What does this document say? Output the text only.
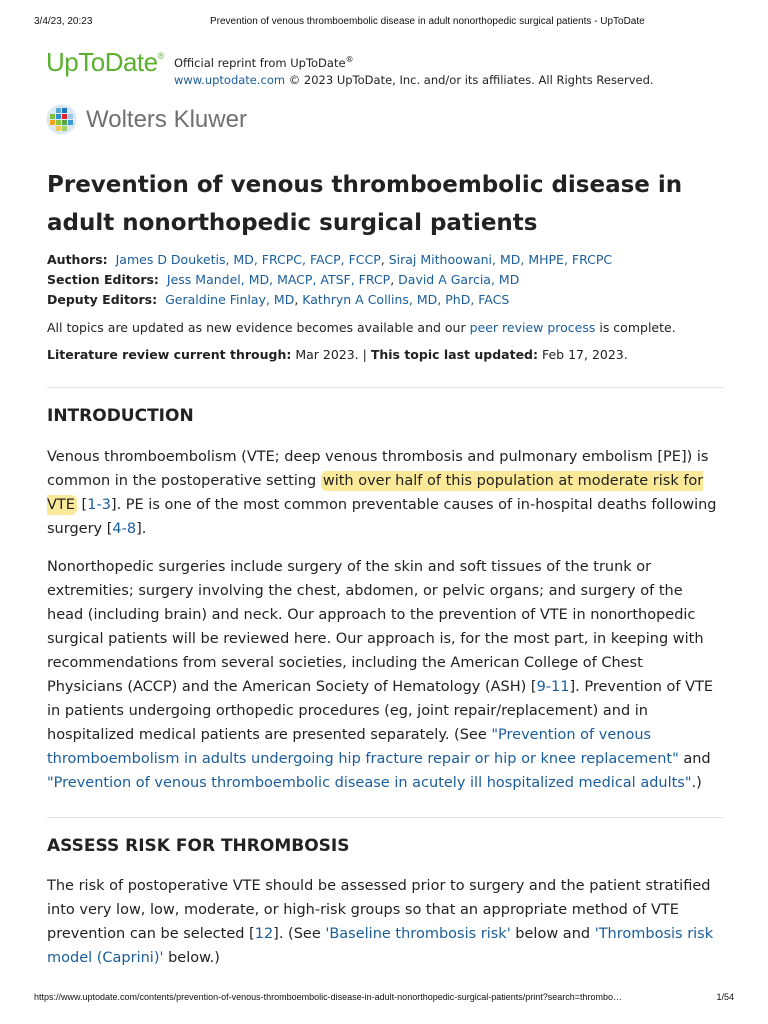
3/4/23, 20:23	Prevention of venous thromboembolic disease in adult nonorthopedic surgical patients - UpToDate
UpToDate® Official reprint from UpToDate®
www.uptodate.com © 2023 UpToDate, Inc. and/or its affiliates. All Rights Reserved.
Wolters Kluwer
Prevention of venous thromboembolic disease in adult nonorthopedic surgical patients
Authors: James D Douketis, MD, FRCPC, FACP, FCCP, Siraj Mithoowani, MD, MHPE, FRCPC
Section Editors: Jess Mandel, MD, MACP, ATSF, FRCP, David A Garcia, MD
Deputy Editors: Geraldine Finlay, MD, Kathryn A Collins, MD, PhD, FACS
All topics are updated as new evidence becomes available and our peer review process is complete.
Literature review current through: Mar 2023. | This topic last updated: Feb 17, 2023.
INTRODUCTION

Venous thromboembolism (VTE; deep venous thrombosis and pulmonary embolism [PE]) is common in the postoperative setting with over half of this population at moderate risk for VTE [1-3]. PE is one of the most common preventable causes of in-hospital deaths following surgery [4-8].

Nonorthopedic surgeries include surgery of the skin and soft tissues of the trunk or extremities; surgery involving the chest, abdomen, or pelvic organs; and surgery of the head (including brain) and neck. Our approach to the prevention of VTE in nonorthopedic surgical patients will be reviewed here. Our approach is, for the most part, in keeping with recommendations from several societies, including the American College of Chest Physicians (ACCP) and the American Society of Hematology (ASH) [9-11]. Prevention of VTE in patients undergoing orthopedic procedures (eg, joint repair/replacement) and in hospitalized medical patients are presented separately. (See "Prevention of venous thromboembolism in adults undergoing hip fracture repair or hip or knee replacement" and "Prevention of venous thromboembolic disease in acutely ill hospitalized medical adults".)

ASSESS RISK FOR THROMBOSIS

The risk of postoperative VTE should be assessed prior to surgery and the patient stratified into very low, low, moderate, or high-risk groups so that an appropriate method of VTE prevention can be selected [12]. (See 'Baseline thrombosis risk' below and 'Thrombosis risk model (Caprini)' below.)

https://www.uptodate.com/contents/prevention-of-venous-thromboembolic-disease-in-adult-nonorthopedic-surgical-patients/print?search=thrombo…	1/54
